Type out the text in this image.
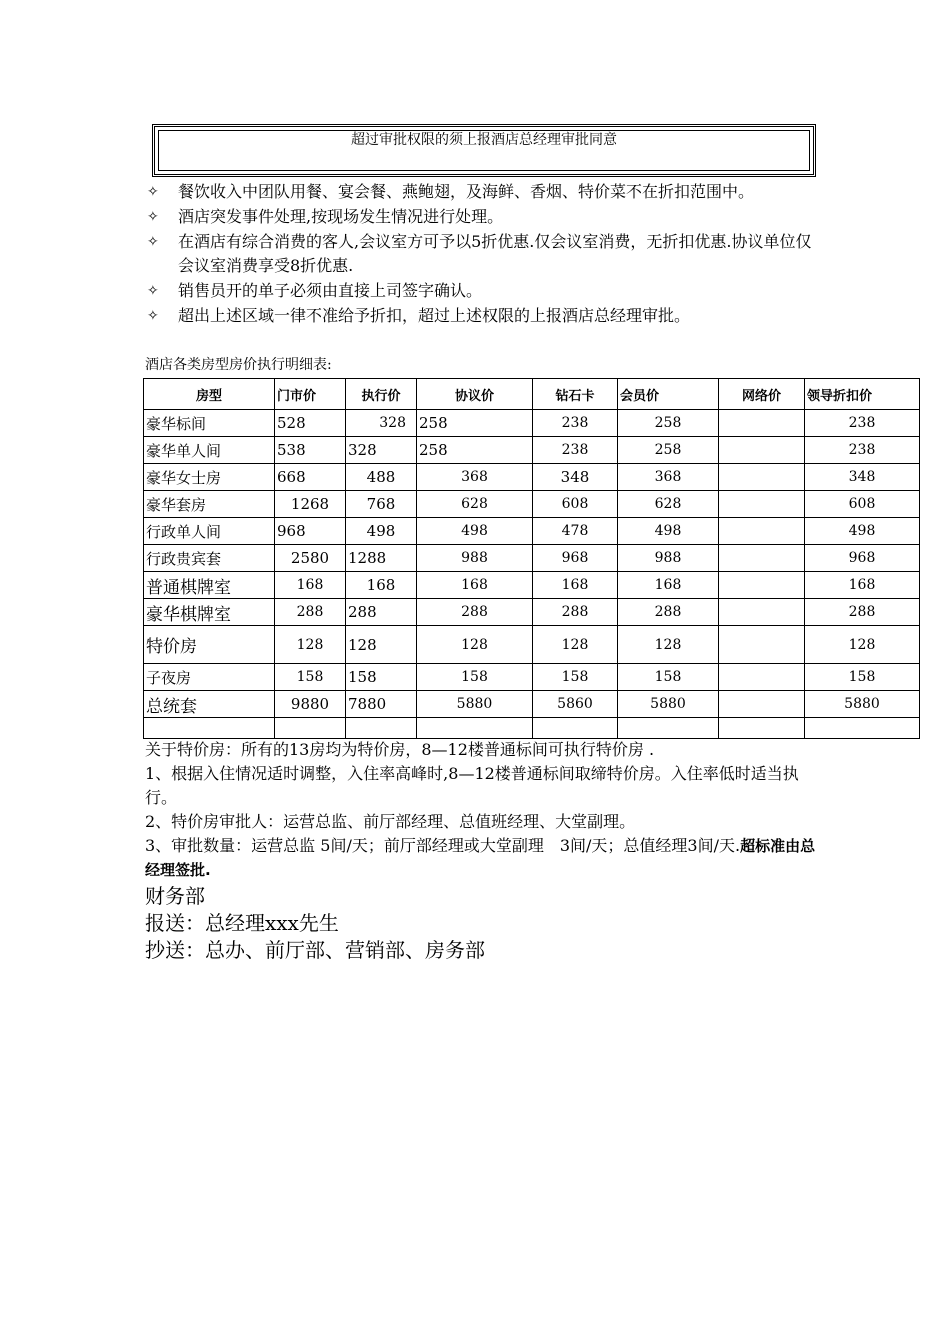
超过审批权限的须上报酒店总经理审批同意
✧ 餐饮收入中团队用餐、宴会餐、燕鲍翅，及海鲜、香烟、特价菜不在折扣范围中。
✧ 酒店突发事件处理,按现场发生情况进行处理。
✧ 在酒店有综合消费的客人,会议室方可予以5折优惠.仅会议室消费，无折扣优惠.协议单位仅会议室消费享受8折优惠.
✧ 销售员开的单子必须由直接上司签字确认。
✧ 超出上述区域一律不准给予折扣，超过上述权限的上报酒店总经理审批。
酒店各类房型房价执行明细表:
房型	门市价	执行价	协议价	钻石卡	会员价	网络价	领导折扣价
豪华标间	528	328	258	238	258		238
豪华单人间	538	328	258	238	258		238
豪华女士房	668	488	368	348	368		348
豪华套房	1268	768	628	608	628		608
行政单人间	968	498	498	478	498		498
行政贵宾套	2580	1288	988	968	988		968
普通棋牌室	168	168	168	168	168		168
豪华棋牌室	288	288	288	288	288		288
特价房	128	128	128	128	128		128
子夜房	158	158	158	158	158		158
总统套	9880	7880	5880	5860	5880		5880

关于特价房：所有的13房均为特价房，8—12楼普通标间可执行特价房 .

1、根据入住情况适时调整，入住率高峰时,8—12楼普通标间取缔特价房。入住率低时适当执行。

2、特价房审批人：运营总监、前厅部经理、总值班经理、大堂副理。

3、审批数量：运营总监 5间/天；前厅部经理或大堂副理　3间/天；总值经理3间/天.超标准由总经理签批.

财务部

报送：总经理xxx先生

抄送：总办、前厅部、营销部、房务部
